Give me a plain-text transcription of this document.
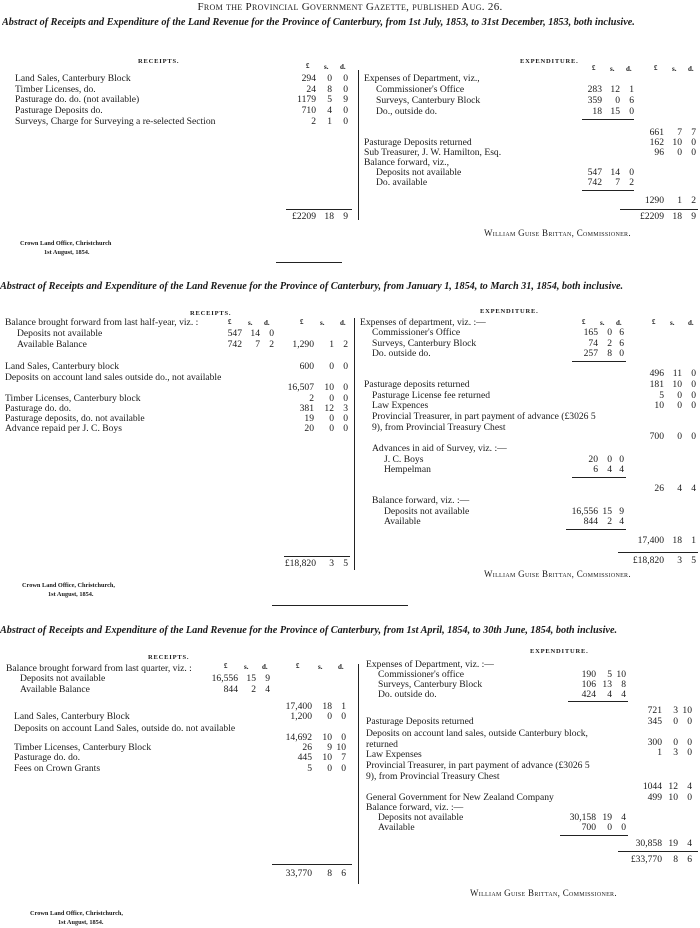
From the Provincial Government Gazette, published Aug. 26.
Abstract of Receipts and Expenditure of the Land Revenue for the Province of Canterbury, from 1st July, 1853, to 31st December, 1853, both inclusive.
RECEIPTS.	EXPENDITURE.
£ s. d.	£ s. d.	£ s. d.
Land Sales, Canterbury Block	294	0	0
Timber Licenses, do.	24	8	0
Pasturage do. do. (not available)	1179	5	9
Pasturage Deposits do.	710	4	0
Surveys, Charge for Surveying a re-selected Section	2	1	0
£2209 18 9
Expenses of Department, viz.,
Commissioner's Office	283 12 1
Surveys, Canterbury Block	359	0 6
Do., outside do.	18 15 0
661	7 7
Pasturage Deposits returned	162 10 0
Sub Treasurer, J. W. Hamilton, Esq.	96	0 0
Balance forward, viz.,
Deposits not available	547 14 0
Do. available	742	7 2
1290	1 2
£2209 18 9
William Guise Brittan, Commissioner.
Crown Land Office, Christchurch
1st August, 1854.
Abstract of Receipts and Expenditure of the Land Revenue for the Province of Canterbury, from January 1, 1854, to March 31, 1854, both inclusive.
RECEIPTS.	EXPENDITURE.
£ s. d.	£ s. d.	£ s. d.	£ s. d.
Balance brought forward from last half-year, viz. :
Deposits not available	547 14 0
Available Balance	742	7 2	1,290	1 2
Land Sales, Canterbury block	600	0 0
Deposits on account land sales outside do., not available
16,507	10 0
Timber Licenses, Canterbury block	2	0 0
Pasturage do. do.	381	12 3
Pasturage deposits, do. not available	19	0 0
Advance repaid per J. C. Boys	20	0 0
£18,820	3 5
Expenses of department, viz. :—
Commissioner's Office	165 0 6
Surveys, Canterbury Block	74 2 6
Do. outside do.	257 8 0
496 11 0
Pasturage deposits returned	181 10 0
Pasturage License fee returned	5	0 0
Law Expences	10	0 0
Provincial Treasurer, in part payment of advance (£3026 5 9), from Provincial Treasury Chest
700	0 0
Advances in aid of Survey, viz. :—
J. C. Boys	20 0 0
Hempelman	6 4 4
26	4 4
Balance forward, viz. :—
Deposits not available	16,556 15 9
Available	844 2 4
17,400 18 1
£18,820	3 5
William Guise Brittan, Commissioner.
Crown Land Office, Christchurch,
1st August, 1854.
Abstract of Receipts and Expenditure of the Land Revenue for the Province of Canterbury, from 1st April, 1854, to 30th June, 1854, both inclusive.
RECEIPTS.
EXPENDITURE.
£ s. d.	£	s. d.
Balance brought forward from last quarter, viz. :
Deposits not available	16,556 15 9
Available Balance	844	2 4
17,400	18 1
Land Sales, Canterbury Block	1,200	0 0
Deposits on account Land Sales, outside do. not available
14,692	10 0
Timber Licenses, Canterbury Block	26	9 10
Pasturage do. do.	445	10 7
Fees on Crown Grants	5	0 0
33,770	8 6
Expenses of Department, viz. :—
Commissioner's office	190	5 10
Surveys, Canterbury Block	106 13 8
Do. outside do.	424	4 4
721	3 10
Pasturage Deposits returned	345	0 0
Deposits on account land sales, outside Canterbury block, returned	300	0 0
Law Expenses	1	3 0
Provincial Treasurer, in part payment of advance (£3026 5 9), from Provincial Treasury Chest
1044 12 4
General Government for New Zealand Company	499 10 0
Balance forward, viz. :—
Deposits not available	30,158 19 4
Available	700	0 0
30,858 19 4
£33,770	8 6
William Guise Brittan, Commissioner.
Crown Land Office, Christchurch,
1st August, 1854.
